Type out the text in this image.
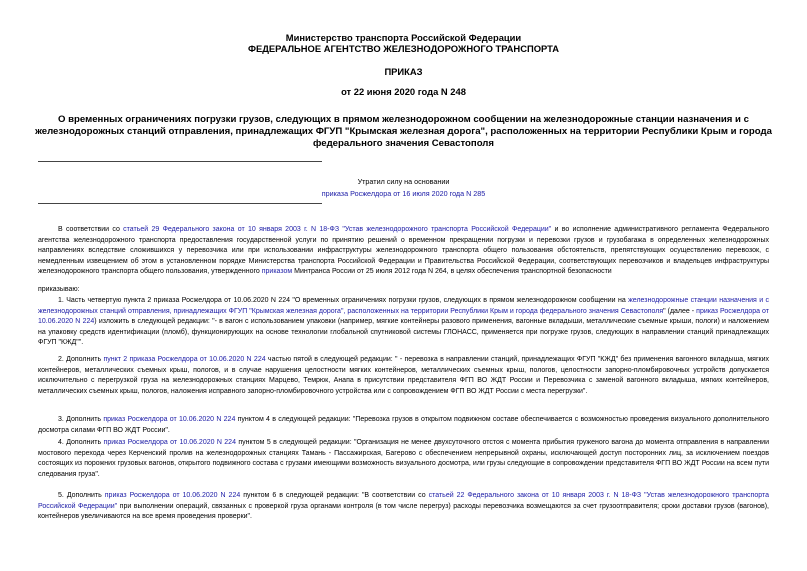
Министерство транспорта Российской Федерации
ФЕДЕРАЛЬНОЕ АГЕНТСТВО ЖЕЛЕЗНОДОРОЖНОГО ТРАНСПОРТА
ПРИКАЗ
от 22 июня 2020 года N 248
О временных ограничениях погрузки грузов, следующих в прямом железнодорожном сообщении на железнодорожные станции назначения и с железнодорожных станций отправления, принадлежащих ФГУП "Крымская железная дорога", расположенных на территории Республики Крым и города федерального значения Севастополя
Утратил силу на основании
приказа Росжелдора от 16 июля 2020 года N 285
В соответствии со статьей 29 Федерального закона от 10 января 2003 г. N 18-ФЗ "Устав железнодорожного транспорта Российской Федерации" и во исполнение административного регламента Федерального агентства железнодорожного транспорта предоставления государственной услуги по принятию решений о временном прекращении погрузки и перевозки грузов и грузобагажа в определенных железнодорожных направлениях вследствие сложившихся у перевозчика или при использовании инфраструктуры железнодорожного транспорта общего пользования обстоятельств, препятствующих осуществлению перевозок, с немедленным извещением об этом в установленном порядке Министерства транспорта Российской Федерации и Правительства Российской Федерации, соответствующих перевозчиков и владельцев инфраструктуры железнодорожного транспорта общего пользования, утвержденного приказом Минтранса России от 25 июля 2012 года N 264, в целях обеспечения транспортной безопасности
приказываю:
1. Часть четвертую пункта 2 приказа Росжелдора от 10.06.2020 N 224 "О временных ограничениях погрузки грузов, следующих в прямом железнодорожном сообщении на железнодорожные станции назначения и с железнодорожных станций отправления, принадлежащих ФГУП "Крымская железная дорога", расположенных на территории Республики Крым и города федерального значения Севастополя" (далее - приказ Росжелдора от 10.06.2020 N 224) изложить в следующей редакции: "- в вагон с использованием упаковки (например, мягкие контейнеры разового применения, вагонные вкладыши, металлические съемные крыши, пологи) и наложением на упаковку средств идентификации (пломб), функционирующих на основе технологии глобальной спутниковой системы ГЛОНАСС, применяется при погрузке грузов, следующих в направлении станций принадлежащих ФГУП "КЖД"".
2. Дополнить пункт 2 приказа Росжелдора от 10.06.2020 N 224 частью пятой в следующей редакции: " - перевозка в направлении станций, принадлежащих ФГУП "КЖД" без применения вагонного вкладыша, мягких контейнеров, металлических съемных крыш, пологов, и в случае нарушения целостности мягких контейнеров, металлических съемных крыш, пологов, целостности запорно-пломбировочных устройств допускается исключительно с перегрузкой груза на железнодорожных станциях Марцево, Темрюк, Анапа в присутствии представителя ФГП ВО ЖДТ России и Перевозчика с заменой вагонного вкладыша, мягких контейнеров, металлических съемных крыш, пологов, наложения исправного запорно-пломбировочного устройства или с сопровождением ФГП ВО ЖДТ России с места перегрузки".
3. Дополнить приказ Росжелдора от 10.06.2020 N 224 пунктом 4 в следующей редакции: "Перевозка грузов в открытом подвижном составе обеспечивается с возможностью проведения визуального дополнительного досмотра силами ФГП ВО ЖДТ России".
4. Дополнить приказ Росжелдора от 10.06.2020 N 224 пунктом 5 в следующей редакции: "Организация не менее двухсуточного отстоя с момента прибытия груженого вагона до момента отправления в направлении мостового перехода через Керченский пролив на железнодорожных станциях Тамань - Пассажирская, Багерово с обеспечением непрерывной охраны, исключающей доступ посторонних лиц, за исключением поездов состоящих из порожних грузовых вагонов, открытого подвижного состава с грузами имеющими возможность визуального досмотра, или грузы следующие в сопровождении представителя ФГП ВО ЖДТ России на всем пути следования груза".
5. Дополнить приказ Росжелдора от 10.06.2020 N 224 пунктом 6 в следующей редакции: "В соответствии со статьей 22 Федерального закона от 10 января 2003 г. N 18-ФЗ "Устав железнодорожного транспорта Российской Федерации" при выполнении операций, связанных с проверкой груза органами контроля (в том числе перегруз) расходы перевозчика возмещаются за счет грузоотправителя; сроки доставки грузов (вагонов), контейнеров увеличиваются на все время проведения проверки".
